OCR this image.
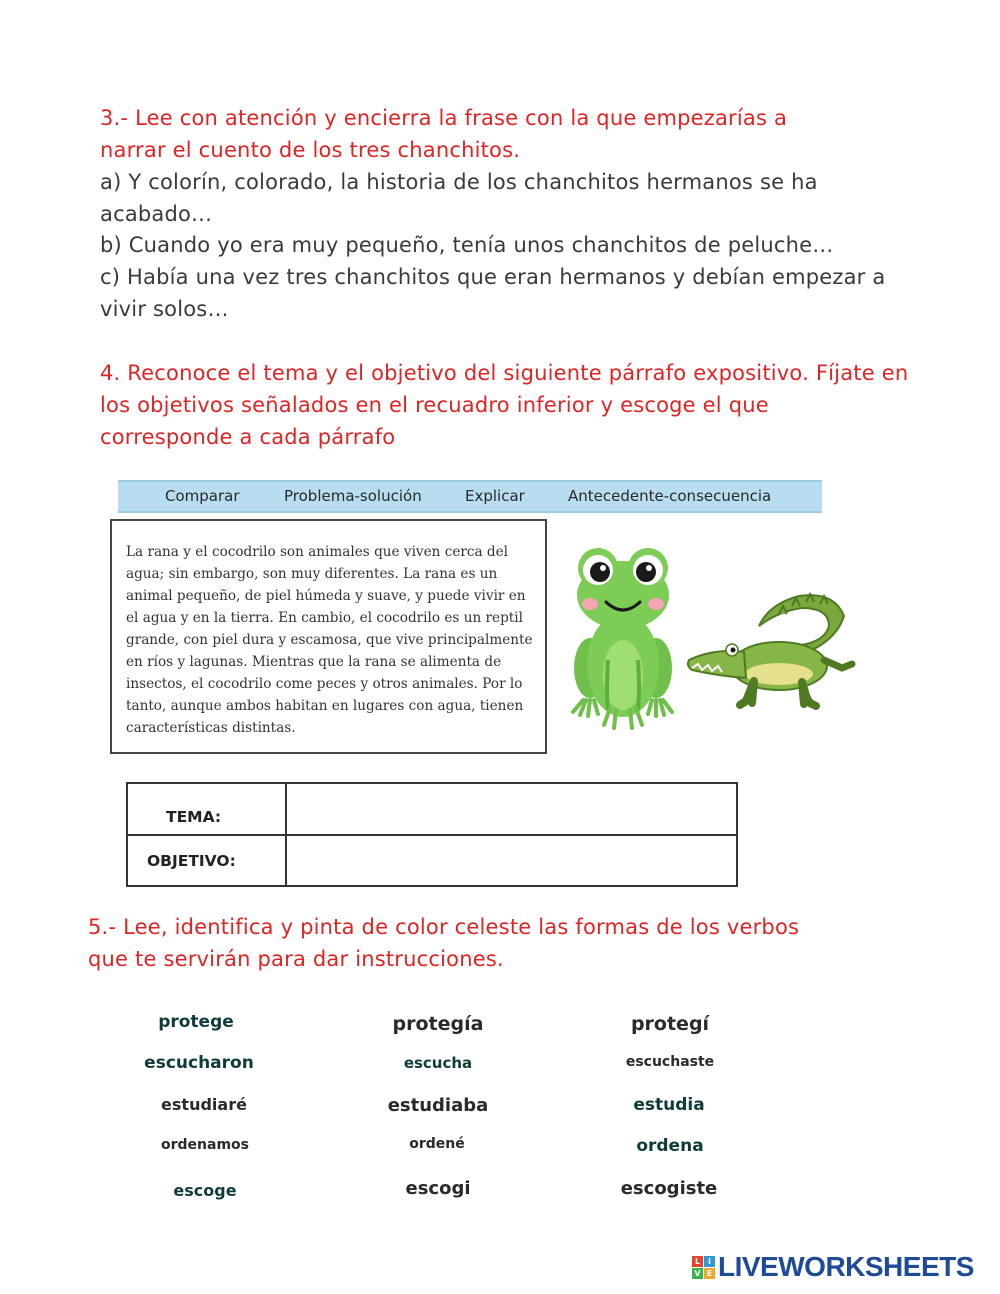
3.- Lee con atención y encierra la frase con la que empezarías a
narrar el cuento de los tres chanchitos.
a) Y colorín, colorado, la historia de los chanchitos hermanos se ha
acabado…
b) Cuando yo era muy pequeño, tenía unos chanchitos de peluche…
c) Había una vez tres chanchitos que eran hermanos y debían empezar a
vivir solos…
4. Reconoce el tema y el objetivo del siguiente párrafo expositivo. Fíjate en
los objetivos señalados en el recuadro inferior y escoge el que
corresponde a cada párrafo
Comparar	Problema-solución	Explicar	Antecedente-consecuencia

La rana y el cocodrilo son animales que viven cerca del agua; sin embargo, son muy diferentes. La rana es un animal pequeño, de piel húmeda y suave, y puede vivir en el agua y en la tierra. En cambio, el cocodrilo es un reptil grande, con piel dura y escamosa, que vive principalmente en ríos y lagunas. Mientras que la rana se alimenta de insectos, el cocodrilo come peces y otros animales. Por lo tanto, aunque ambos habitan en lugares con agua, tienen características distintas.

TEMA:
OBJETIVO:
5.- Lee, identifica y pinta de color celeste las formas de los verbos
que te servirán para dar instrucciones.
protege	protegía	protegí
escucharon	escucha	escuchaste
estudiaré	estudiaba	estudia
ordenamos	ordené	ordena
escoge	escogi	escogiste
L I
V E LIVEWORKSHEETS
